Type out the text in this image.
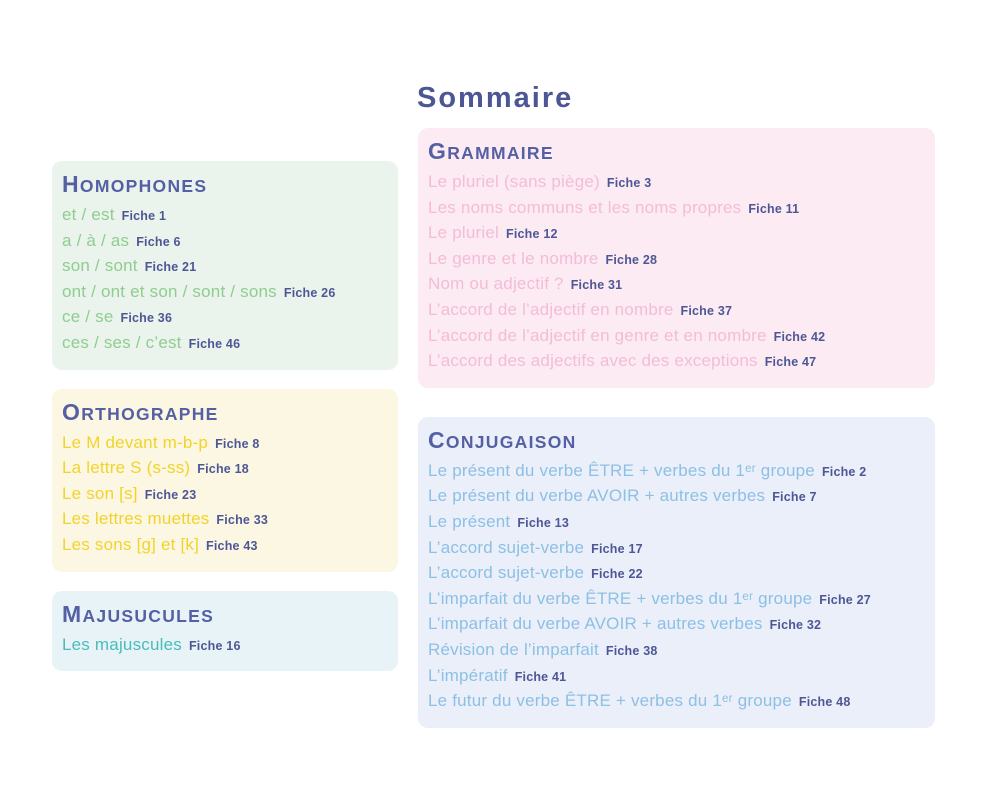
Sommaire
HOMOPHONES
et / est Fiche 1
a / à / as Fiche 6
son / sont Fiche 21
ont / ont et son / sont / sons Fiche 26
ce / se Fiche 36
ces / ses / c’est Fiche 46
ORTHOGRAPHE
Le M devant m-b-p Fiche 8
La lettre S (s-ss) Fiche 18
Le son [s] Fiche 23
Les lettres muettes Fiche 33
Les sons [g] et [k] Fiche 43
MAJUSUCULES
Les majuscules Fiche 16
GRAMMAIRE
Le pluriel (sans piège) Fiche 3
Les noms communs et les noms propres Fiche 11
Le pluriel Fiche 12
Le genre et le nombre Fiche 28
Nom ou adjectif ? Fiche 31
L’accord de l’adjectif en nombre Fiche 37
L’accord de l’adjectif en genre et en nombre Fiche 42
L’accord des adjectifs avec des exceptions Fiche 47
CONJUGAISON
Le présent du verbe ÊTRE + verbes du 1ᵉʳ groupe Fiche 2
Le présent du verbe AVOIR + autres verbes Fiche 7
Le présent Fiche 13
L’accord sujet-verbe Fiche 17
L’accord sujet-verbe Fiche 22
L’imparfait du verbe ÊTRE + verbes du 1ᵉʳ groupe Fiche 27
L’imparfait du verbe AVOIR + autres verbes Fiche 32
Révision de l’imparfait Fiche 38
L’impératif Fiche 41
Le futur du verbe ÊTRE + verbes du 1ᵉʳ groupe Fiche 48
